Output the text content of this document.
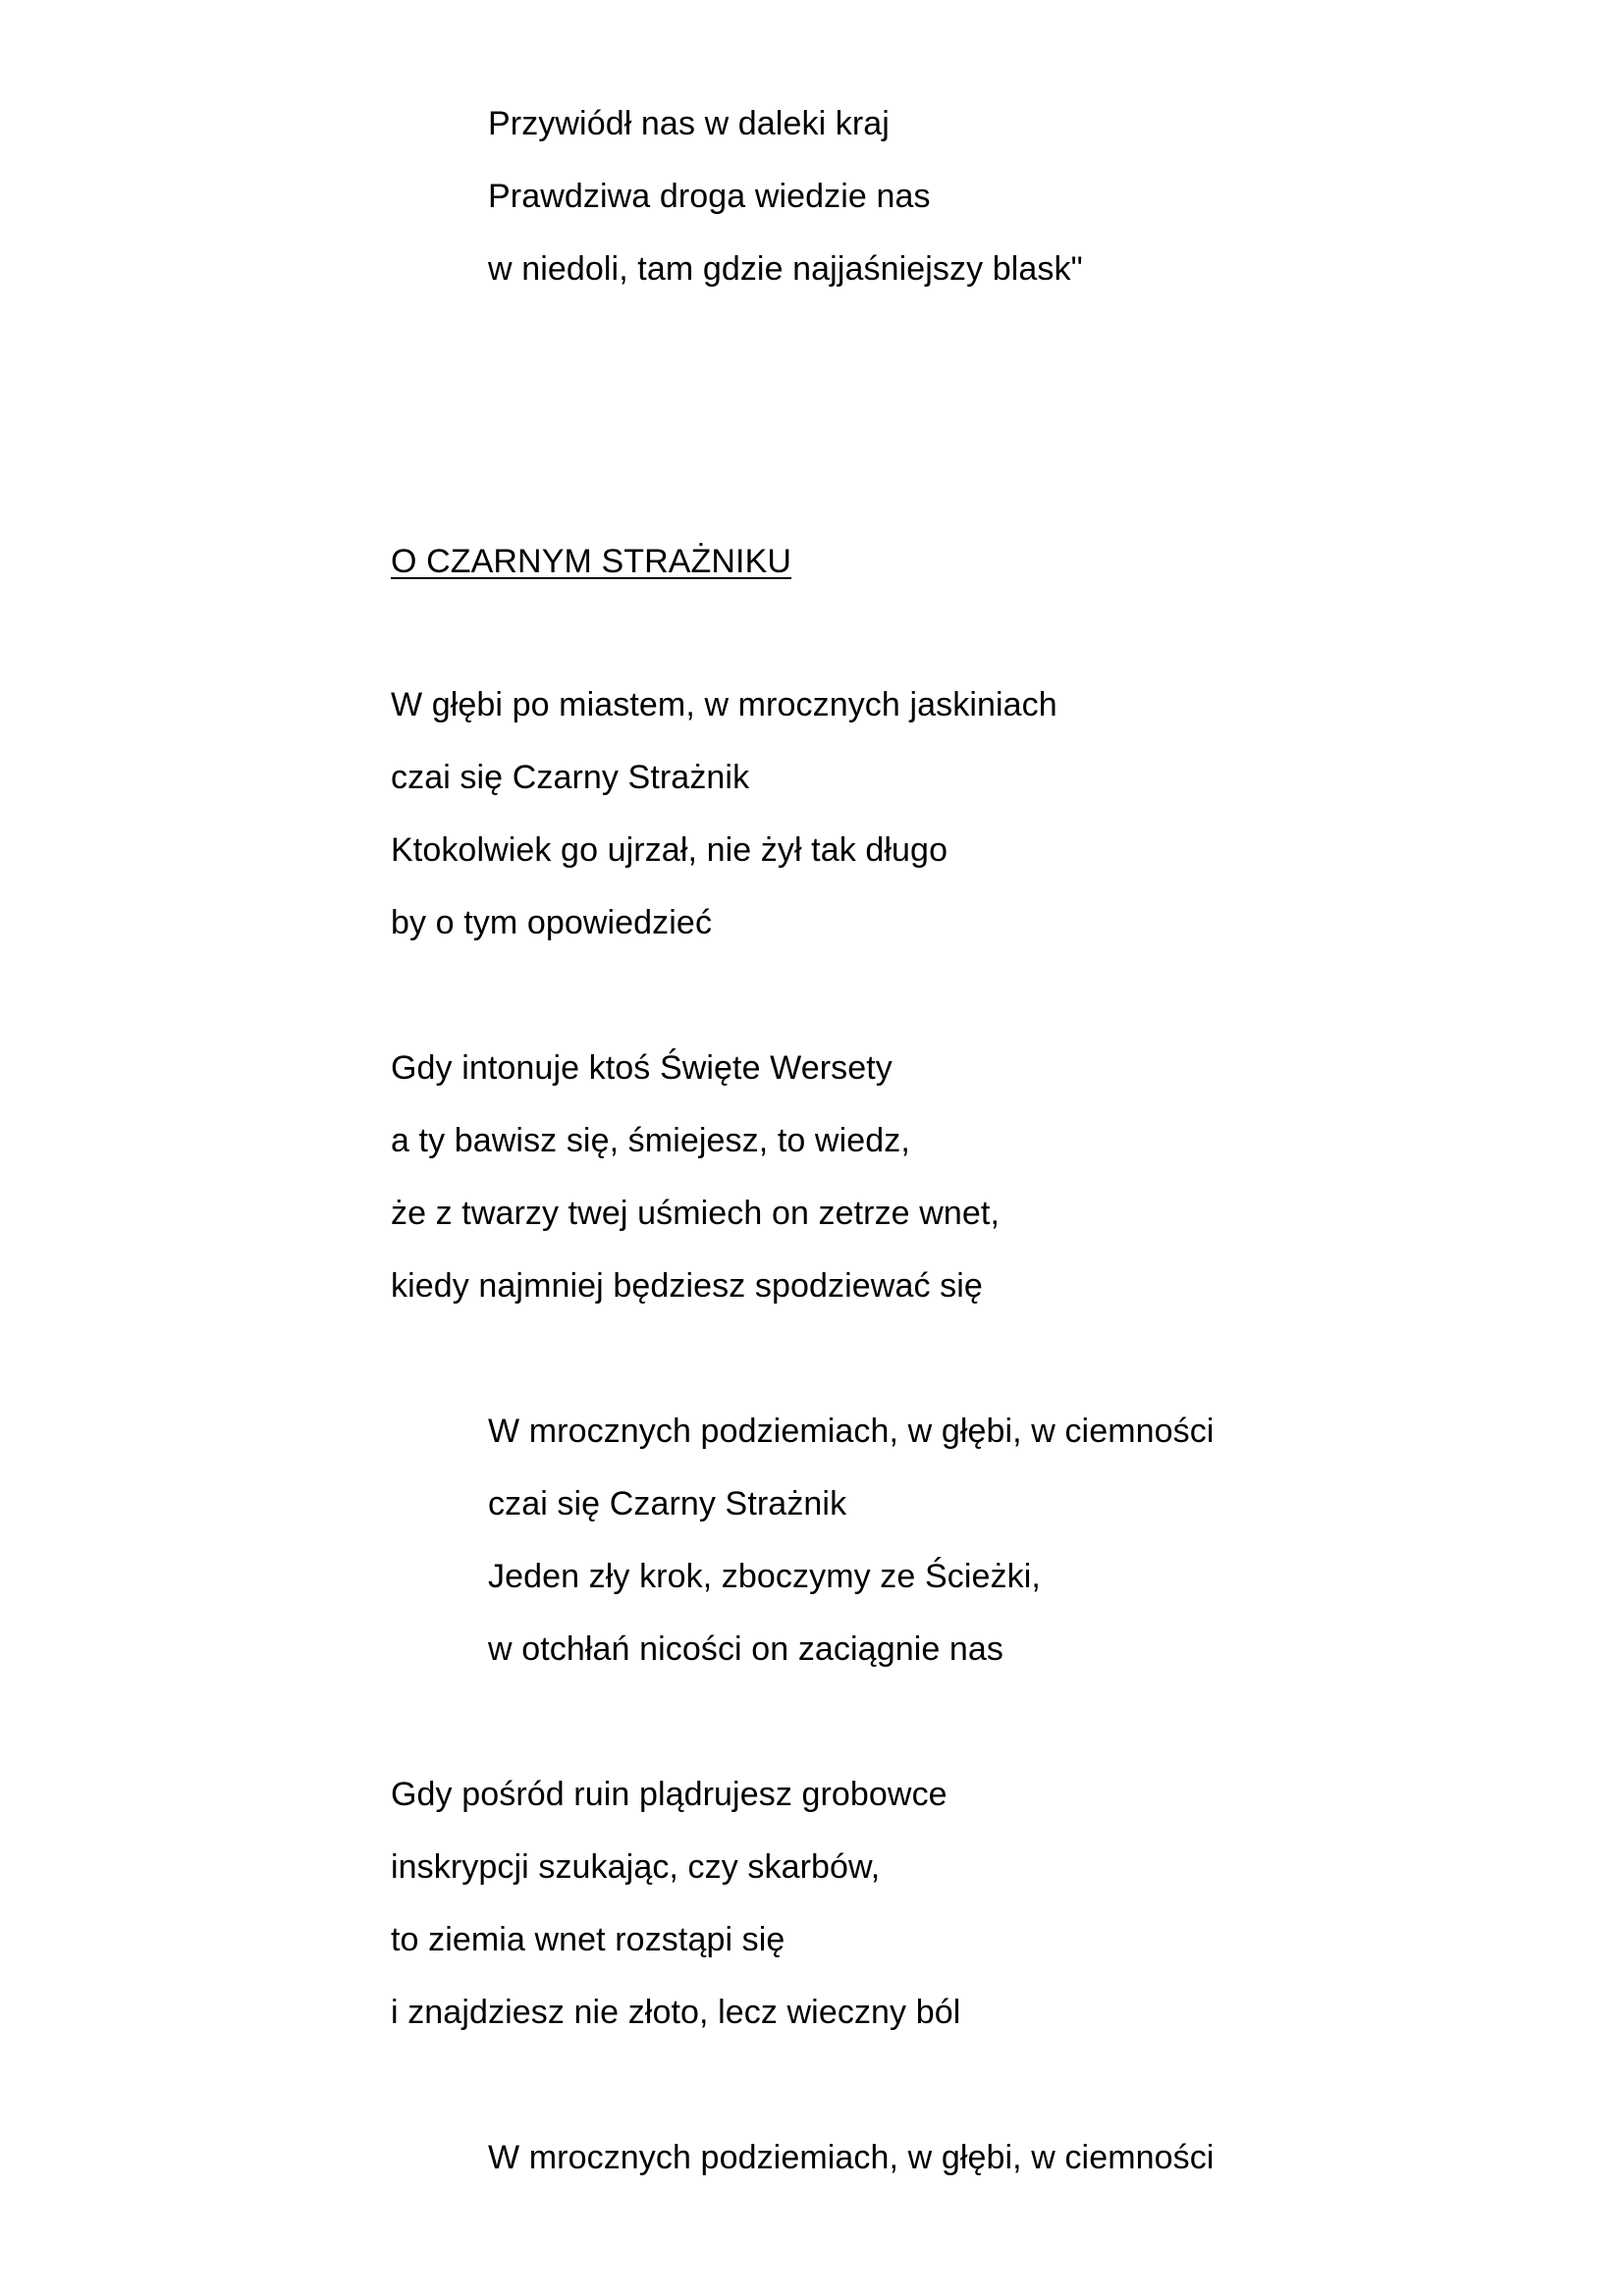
Przywiódł nas w daleki kraj
Prawdziwa droga wiedzie nas
w niedoli, tam gdzie najjaśniejszy blask"
O CZARNYM STRAŻNIKU
W głębi po miastem, w mrocznych jaskiniach
czai się Czarny Strażnik
Ktokolwiek go ujrzał, nie żył tak długo
by o tym opowiedzieć
Gdy intonuje ktoś Święte Wersety
a ty bawisz się, śmiejesz, to wiedz,
że z twarzy twej uśmiech on zetrze wnet,
kiedy najmniej będziesz spodziewać się
W mrocznych podziemiach, w głębi, w ciemności
czai się Czarny Strażnik
Jeden zły krok, zboczymy ze Ścieżki,
w otchłań nicości on zaciągnie nas
Gdy pośród ruin plądrujesz grobowce
inskrypcji szukając, czy skarbów,
to ziemia wnet rozstąpi się
i znajdziesz nie złoto, lecz wieczny ból
W mrocznych podziemiach, w głębi, w ciemności
